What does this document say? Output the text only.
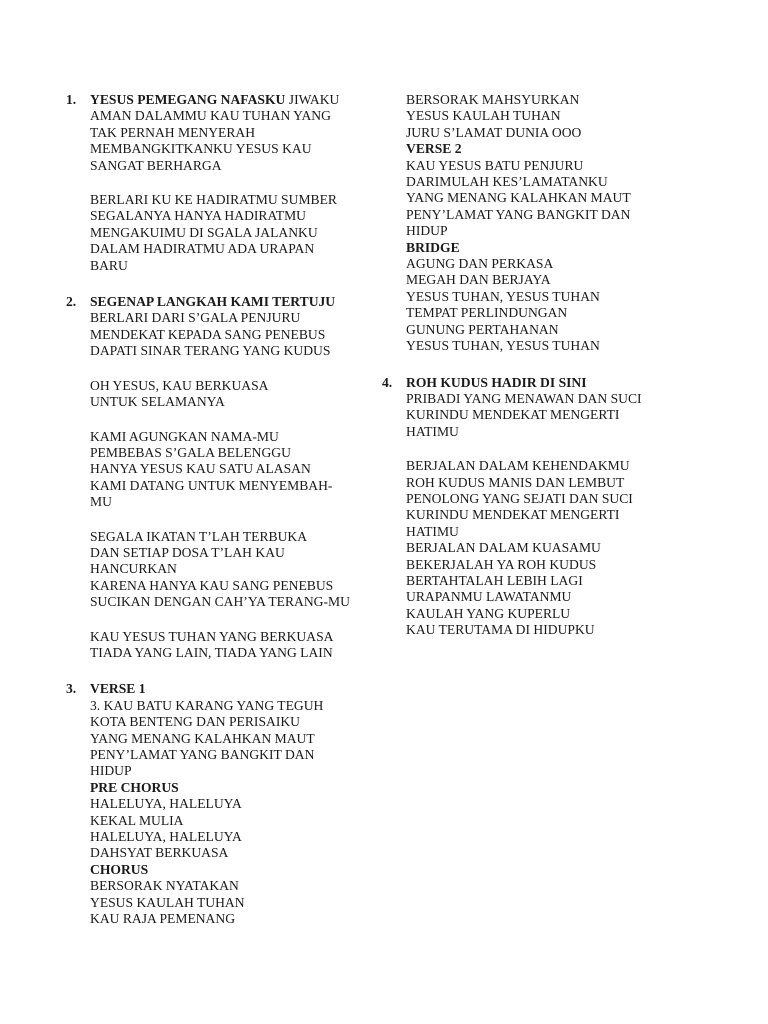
1. YESUS PEMEGANG NAFASKU JIWAKU
AMAN DALAMMU KAU TUHAN YANG
TAK PERNAH MENYERAH
MEMBANGKITKANKU YESUS KAU
SANGAT BERHARGA
BERLARI KU KE HADIRATMU SUMBER
SEGALANYA HANYA HADIRATMU
MENGAKUIMU DI SGALA JALANKU
DALAM HADIRATMU ADA URAPAN
BARU
2. SEGENAP LANGKAH KAMI TERTUJU
BERLARI DARI S’GALA PENJURU
MENDEKAT KEPADA SANG PENEBUS
DAPATI SINAR TERANG YANG KUDUS
OH YESUS, KAU BERKUASA
UNTUK SELAMANYA
KAMI AGUNGKAN NAMA-MU
PEMBEBAS S’GALA BELENGGU
HANYA YESUS KAU SATU ALASAN
KAMI DATANG UNTUK MENYEMBAH-
MU
SEGALA IKATAN T’LAH TERBUKA
DAN SETIAP DOSA T’LAH KAU
HANCURKAN
KARENA HANYA KAU SANG PENEBUS
SUCIKAN DENGAN CAH’YA TERANG-MU
KAU YESUS TUHAN YANG BERKUASA
TIADA YANG LAIN, TIADA YANG LAIN
3. VERSE 1
3. KAU BATU KARANG YANG TEGUH
KOTA BENTENG DAN PERISAIKU
YANG MENANG KALAHKAN MAUT
PENY’LAMAT YANG BANGKIT DAN
HIDUP
PRE CHORUS
HALELUYA, HALELUYA
KEKAL MULIA
HALELUYA, HALELUYA
DAHSYAT BERKUASA
CHORUS
BERSORAK NYATAKAN
YESUS KAULAH TUHAN
KAU RAJA PEMENANG
BERSORAK MAHSYURKAN
YESUS KAULAH TUHAN
JURU S’LAMAT DUNIA OOO
VERSE 2
KAU YESUS BATU PENJURU
DARIMULAH KES’LAMATANKU
YANG MENANG KALAHKAN MAUT
PENY’LAMAT YANG BANGKIT DAN
HIDUP
BRIDGE
AGUNG DAN PERKASA
MEGAH DAN BERJAYA
YESUS TUHAN, YESUS TUHAN
TEMPAT PERLINDUNGAN
GUNUNG PERTAHANAN
YESUS TUHAN, YESUS TUHAN
4. ROH KUDUS HADIR DI SINI
PRIBADI YANG MENAWAN DAN SUCI
KURINDU MENDEKAT MENGERTI
HATIMU
BERJALAN DALAM KEHENDAKMU
ROH KUDUS MANIS DAN LEMBUT
PENOLONG YANG SEJATI DAN SUCI
KURINDU MENDEKAT MENGERTI
HATIMU
BERJALAN DALAM KUASAMU
BEKERJALAH YA ROH KUDUS
BERTAHTALAH LEBIH LAGI
URAPANMU LAWATANMU
KAULAH YANG KUPERLU
KAU TERUTAMA DI HIDUPKU
